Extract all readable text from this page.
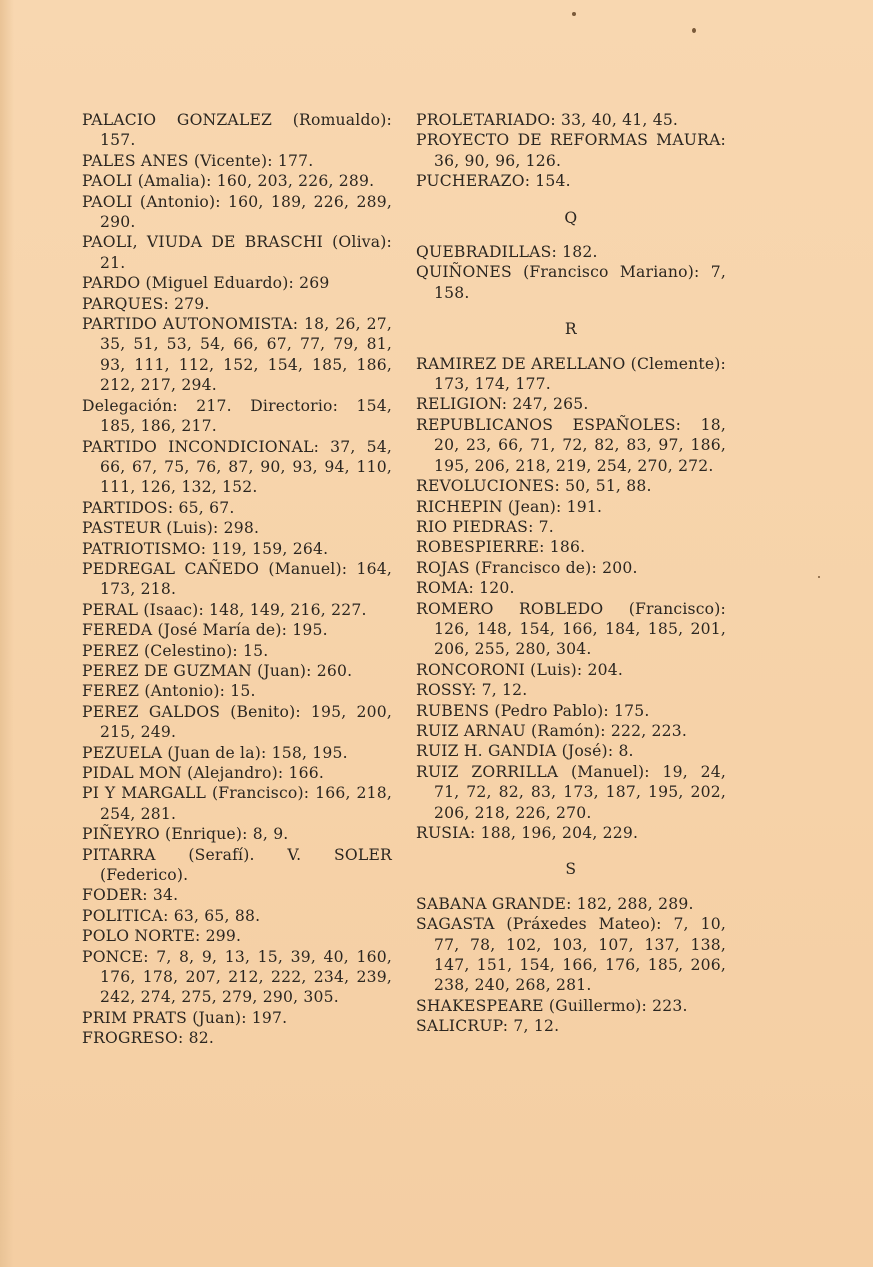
PALACIO GONZALEZ (Romualdo): 157.
PALES ANES (Vicente): 177.
PAOLI (Amalia): 160, 203, 226, 289.
PAOLI (Antonio): 160, 189, 226, 289, 290.
PAOLI, VIUDA DE BRASCHI (Oliva): 21.
PARDO (Miguel Eduardo): 269
PARQUES: 279.
PARTIDO AUTONOMISTA: 18, 26, 27, 35, 51, 53, 54, 66, 67, 77, 79, 81, 93, 111, 112, 152, 154, 185, 186, 212, 217, 294.
Delegación: 217. Directorio: 154, 185, 186, 217.
PARTIDO INCONDICIONAL: 37, 54, 66, 67, 75, 76, 87, 90, 93, 94, 110, 111, 126, 132, 152.
PARTIDOS: 65, 67.
PASTEUR (Luis): 298.
PATRIOTISMO: 119, 159, 264.
PEDREGAL CAÑEDO (Manuel): 164, 173, 218.
PERAL (Isaac): 148, 149, 216, 227.
FEREDA (José María de): 195.
PEREZ (Celestino): 15.
PEREZ DE GUZMAN (Juan): 260.
FEREZ (Antonio): 15.
PEREZ GALDOS (Benito): 195, 200, 215, 249.
PEZUELA (Juan de la): 158, 195.
PIDAL MON (Alejandro): 166.
PI Y MARGALL (Francisco): 166, 218, 254, 281.
PIÑEYRO (Enrique): 8, 9.
PITARRA (Serafí). V. SOLER (Federico).
FODER: 34.
POLITICA: 63, 65, 88.
POLO NORTE: 299.
PONCE: 7, 8, 9, 13, 15, 39, 40, 160, 176, 178, 207, 212, 222, 234, 239, 242, 274, 275, 279, 290, 305.
PRIM PRATS (Juan): 197.
FROGRESO: 82.
PROLETARIADO: 33, 40, 41, 45.
PROYECTO DE REFORMAS MAURA: 36, 90, 96, 126.
PUCHERAZO: 154.
Q
QUEBRADILLAS: 182.
QUIÑONES (Francisco Mariano): 7, 158.
R
RAMIREZ DE ARELLANO (Clemente): 173, 174, 177.
RELIGION: 247, 265.
REPUBLICANOS ESPAÑOLES: 18, 20, 23, 66, 71, 72, 82, 83, 97, 186, 195, 206, 218, 219, 254, 270, 272.
REVOLUCIONES: 50, 51, 88.
RICHEPIN (Jean): 191.
RIO PIEDRAS: 7.
ROBESPIERRE: 186.
ROJAS (Francisco de): 200.
ROMA: 120.
ROMERO ROBLEDO (Francisco): 126, 148, 154, 166, 184, 185, 201, 206, 255, 280, 304.
RONCORONI (Luis): 204.
ROSSY: 7, 12.
RUBENS (Pedro Pablo): 175.
RUIZ ARNAU (Ramón): 222, 223.
RUIZ H. GANDIA (José): 8.
RUIZ ZORRILLA (Manuel): 19, 24, 71, 72, 82, 83, 173, 187, 195, 202, 206, 218, 226, 270.
RUSIA: 188, 196, 204, 229.
S
SABANA GRANDE: 182, 288, 289.
SAGASTA (Práxedes Mateo): 7, 10, 77, 78, 102, 103, 107, 137, 138, 147, 151, 154, 166, 176, 185, 206, 238, 240, 268, 281.
SHAKESPEARE (Guillermo): 223.
SALICRUP: 7, 12.
